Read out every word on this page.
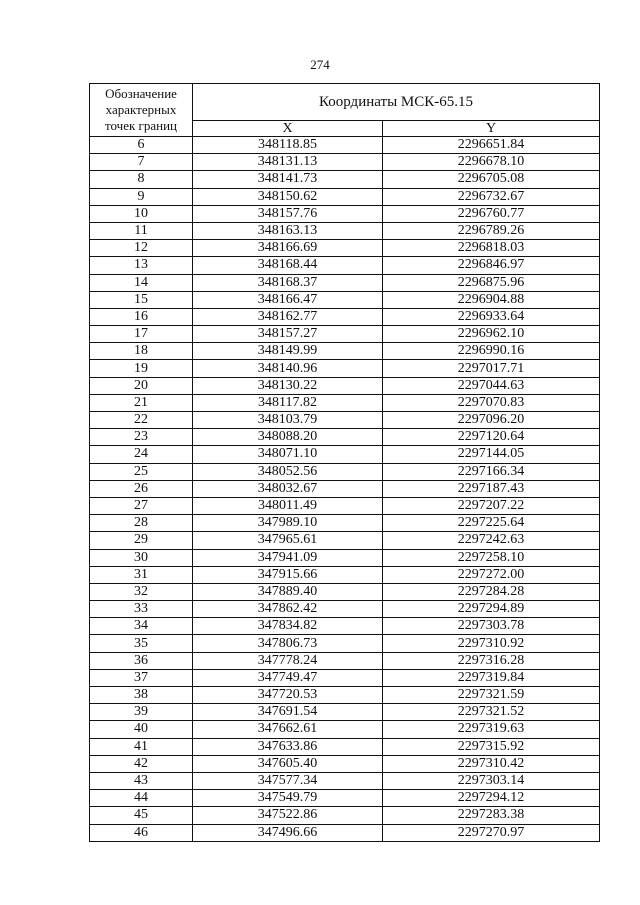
274
Обозначение характерных точек границ	Координаты МСК-65.15	
	X	Y
6	348118.85	2296651.84
7	348131.13	2296678.10
8	348141.73	2296705.08
9	348150.62	2296732.67
10	348157.76	2296760.77
11	348163.13	2296789.26
12	348166.69	2296818.03
13	348168.44	2296846.97
14	348168.37	2296875.96
15	348166.47	2296904.88
16	348162.77	2296933.64
17	348157.27	2296962.10
18	348149.99	2296990.16
19	348140.96	2297017.71
20	348130.22	2297044.63
21	348117.82	2297070.83
22	348103.79	2297096.20
23	348088.20	2297120.64
24	348071.10	2297144.05
25	348052.56	2297166.34
26	348032.67	2297187.43
27	348011.49	2297207.22
28	347989.10	2297225.64
29	347965.61	2297242.63
30	347941.09	2297258.10
31	347915.66	2297272.00
32	347889.40	2297284.28
33	347862.42	2297294.89
34	347834.82	2297303.78
35	347806.73	2297310.92
36	347778.24	2297316.28
37	347749.47	2297319.84
38	347720.53	2297321.59
39	347691.54	2297321.52
40	347662.61	2297319.63
41	347633.86	2297315.92
42	347605.40	2297310.42
43	347577.34	2297303.14
44	347549.79	2297294.12
45	347522.86	2297283.38
46	347496.66	2297270.97
